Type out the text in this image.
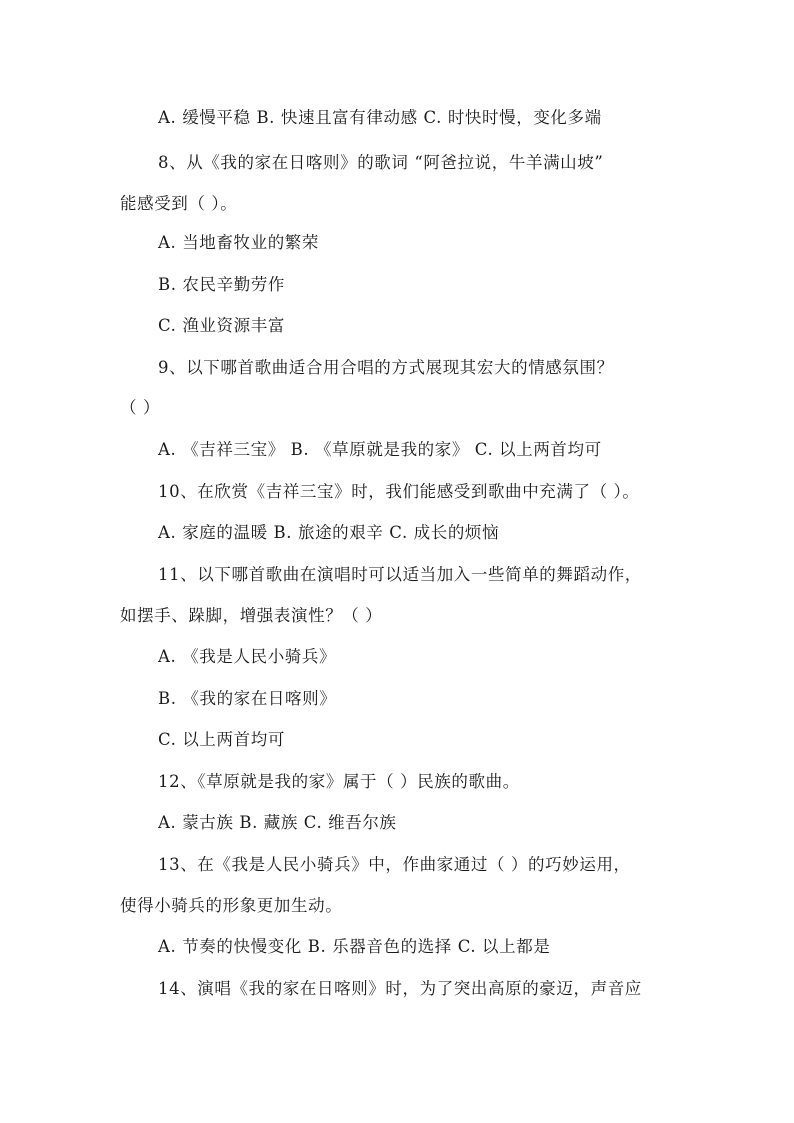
A. 缓慢平稳 B. 快速且富有律动感 C. 时快时慢，变化多端
8、从《我的家在日喀则》的歌词 “阿爸拉说，牛羊满山坡”
能感受到（ ）。
A. 当地畜牧业的繁荣
B. 农民辛勤劳作
C. 渔业资源丰富
9、以下哪首歌曲适合用合唱的方式展现其宏大的情感氛围？
（ ）
A. 《吉祥三宝》 B. 《草原就是我的家》 C. 以上两首均可
10、在欣赏《吉祥三宝》时，我们能感受到歌曲中充满了（ ）。
A. 家庭的温暖 B. 旅途的艰辛 C. 成长的烦恼
11、以下哪首歌曲在演唱时可以适当加入一些简单的舞蹈动作，
如摆手、跺脚，增强表演性？（ ）
A. 《我是人民小骑兵》
B. 《我的家在日喀则》
C. 以上两首均可
12、《草原就是我的家》属于（ ）民族的歌曲。
A. 蒙古族 B. 藏族 C. 维吾尔族
13、在《我是人民小骑兵》中，作曲家通过（ ）的巧妙运用，
使得小骑兵的形象更加生动。
A. 节奏的快慢变化 B. 乐器音色的选择 C. 以上都是
14、演唱《我的家在日喀则》时，为了突出高原的豪迈，声音应
